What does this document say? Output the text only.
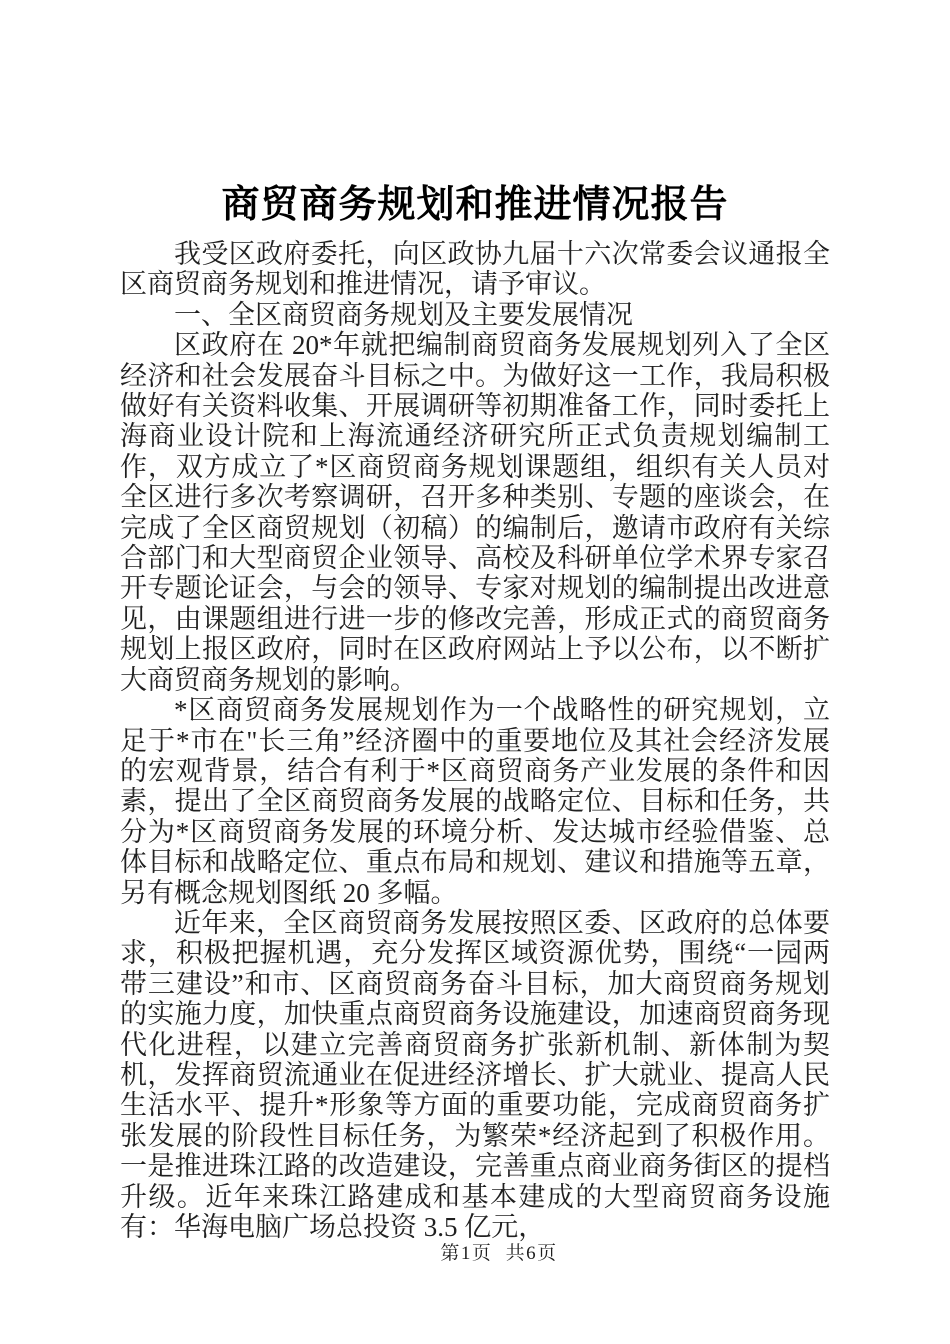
商贸商务规划和推进情况报告

我受区政府委托，向区政协九届十六次常委会议通报全区商贸商务规划和推进情况，请予审议。

一、全区商贸商务规划及主要发展情况

区政府在 20*年就把编制商贸商务发展规划列入了全区经济和社会发展奋斗目标之中。为做好这一工作，我局积极做好有关资料收集、开展调研等初期准备工作，同时委托上海商业设计院和上海流通经济研究所正式负责规划编制工作，双方成立了*区商贸商务规划课题组，组织有关人员对全区进行多次考察调研，召开多种类别、专题的座谈会，在完成了全区商贸规划（初稿）的编制后，邀请市政府有关综合部门和大型商贸企业领导、高校及科研单位学术界专家召开专题论证会，与会的领导、专家对规划的编制提出改进意见，由课题组进行进一步的修改完善，形成正式的商贸商务规划上报区政府，同时在区政府网站上予以公布，以不断扩大商贸商务规划的影响。

*区商贸商务发展规划作为一个战略性的研究规划，立足于*市在"长三角”经济圈中的重要地位及其社会经济发展的宏观背景，结合有利于*区商贸商务产业发展的条件和因素，提出了全区商贸商务发展的战略定位、目标和任务，共分为*区商贸商务发展的环境分析、发达城市经验借鉴、总体目标和战略定位、重点布局和规划、建议和措施等五章，另有概念规划图纸 20 多幅。

近年来，全区商贸商务发展按照区委、区政府的总体要求，积极把握机遇，充分发挥区域资源优势，围绕“一园两带三建设”和市、区商贸商务奋斗目标，加大商贸商务规划的实施力度，加快重点商贸商务设施建设，加速商贸商务现代化进程，以建立完善商贸商务扩张新机制、新体制为契机，发挥商贸流通业在促进经济增长、扩大就业、提高人民生活水平、提升*形象等方面的重要功能，完成商贸商务扩张发展的阶段性目标任务，为繁荣*经济起到了积极作用。一是推进珠江路的改造建设，完善重点商业商务街区的提档升级。近年来珠江路建成和基本建成的大型商贸商务设施有：华海电脑广场总投资 3.5 亿元，

第1页 共6页
